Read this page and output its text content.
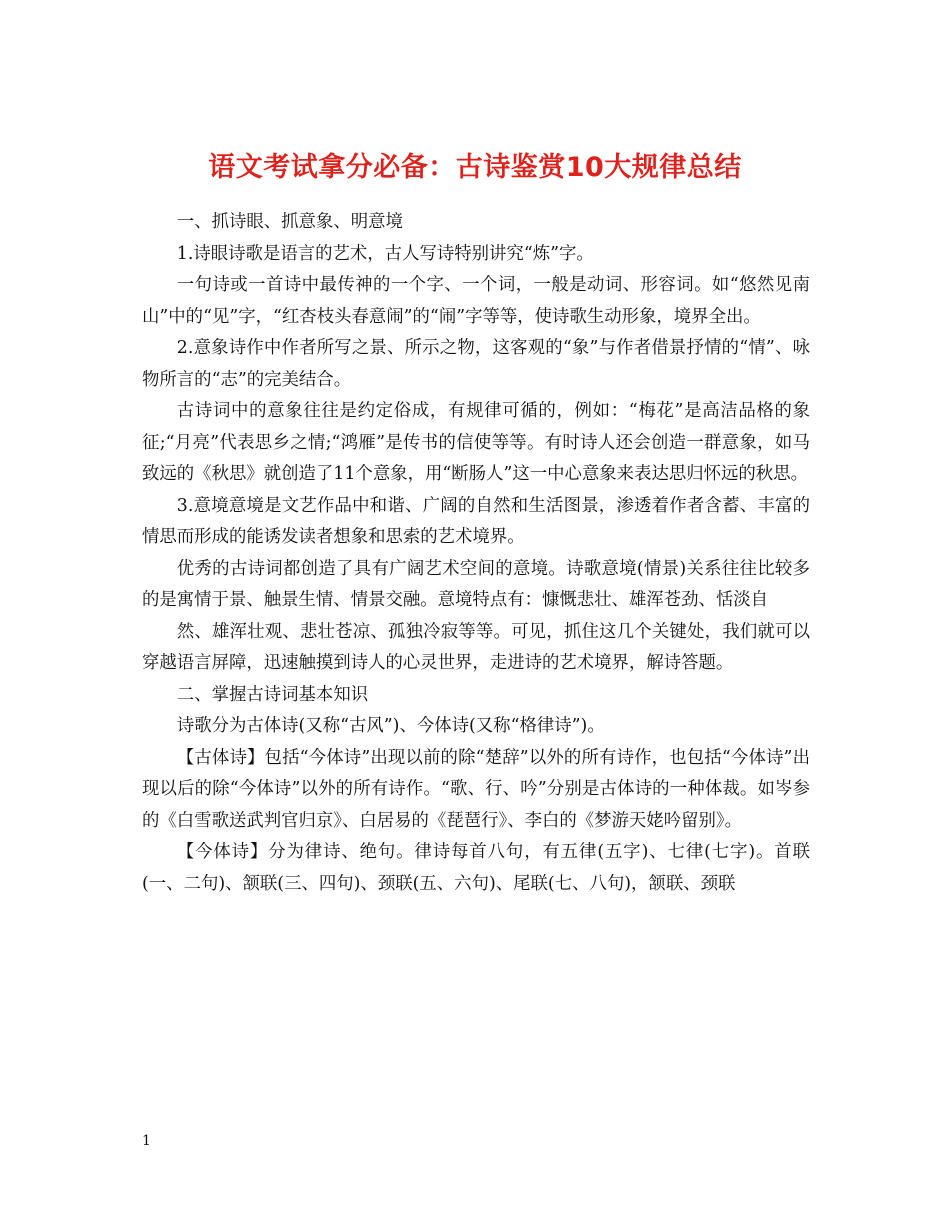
语文考试拿分必备：古诗鉴赏10大规律总结

一、抓诗眼、抓意象、明意境

1.诗眼诗歌是语言的艺术，古人写诗特别讲究“炼”字。

一句诗或一首诗中最传神的一个字、一个词，一般是动词、形容词。如“悠然见南山”中的“见”字，“红杏枝头春意闹”的“闹”字等等，使诗歌生动形象，境界全出。

2.意象诗作中作者所写之景、所示之物，这客观的“象”与作者借景抒情的“情”、咏物所言的“志”的完美结合。

古诗词中的意象往往是约定俗成，有规律可循的，例如：“梅花”是高洁品格的象征;“月亮”代表思乡之情;“鸿雁”是传书的信使等等。有时诗人还会创造一群意象，如马致远的《秋思》就创造了11个意象，用“断肠人”这一中心意象来表达思归怀远的秋思。

3.意境意境是文艺作品中和谐、广阔的自然和生活图景，渗透着作者含蓄、丰富的情思而形成的能诱发读者想象和思索的艺术境界。

优秀的古诗词都创造了具有广阔艺术空间的意境。诗歌意境(情景)关系往往比较多的是寓情于景、触景生情、情景交融。意境特点有：慷慨悲壮、雄浑苍劲、恬淡自

然、雄浑壮观、悲壮苍凉、孤独冷寂等等。可见，抓住这几个关键处，我们就可以穿越语言屏障，迅速触摸到诗人的心灵世界，走进诗的艺术境界，解诗答题。

二、掌握古诗词基本知识

诗歌分为古体诗(又称“古风”)、今体诗(又称“格律诗”)。

【古体诗】包括“今体诗”出现以前的除“楚辞”以外的所有诗作，也包括“今体诗”出现以后的除“今体诗”以外的所有诗作。“歌、行、吟”分别是古体诗的一种体裁。如岑参的《白雪歌送武判官归京》、白居易的《琵琶行》、李白的《梦游天姥吟留别》。

【今体诗】分为律诗、绝句。律诗每首八句，有五律(五字)、七律(七字)。首联(一、二句)、颔联(三、四句)、颈联(五、六句)、尾联(七、八句)，颔联、颈联

1
